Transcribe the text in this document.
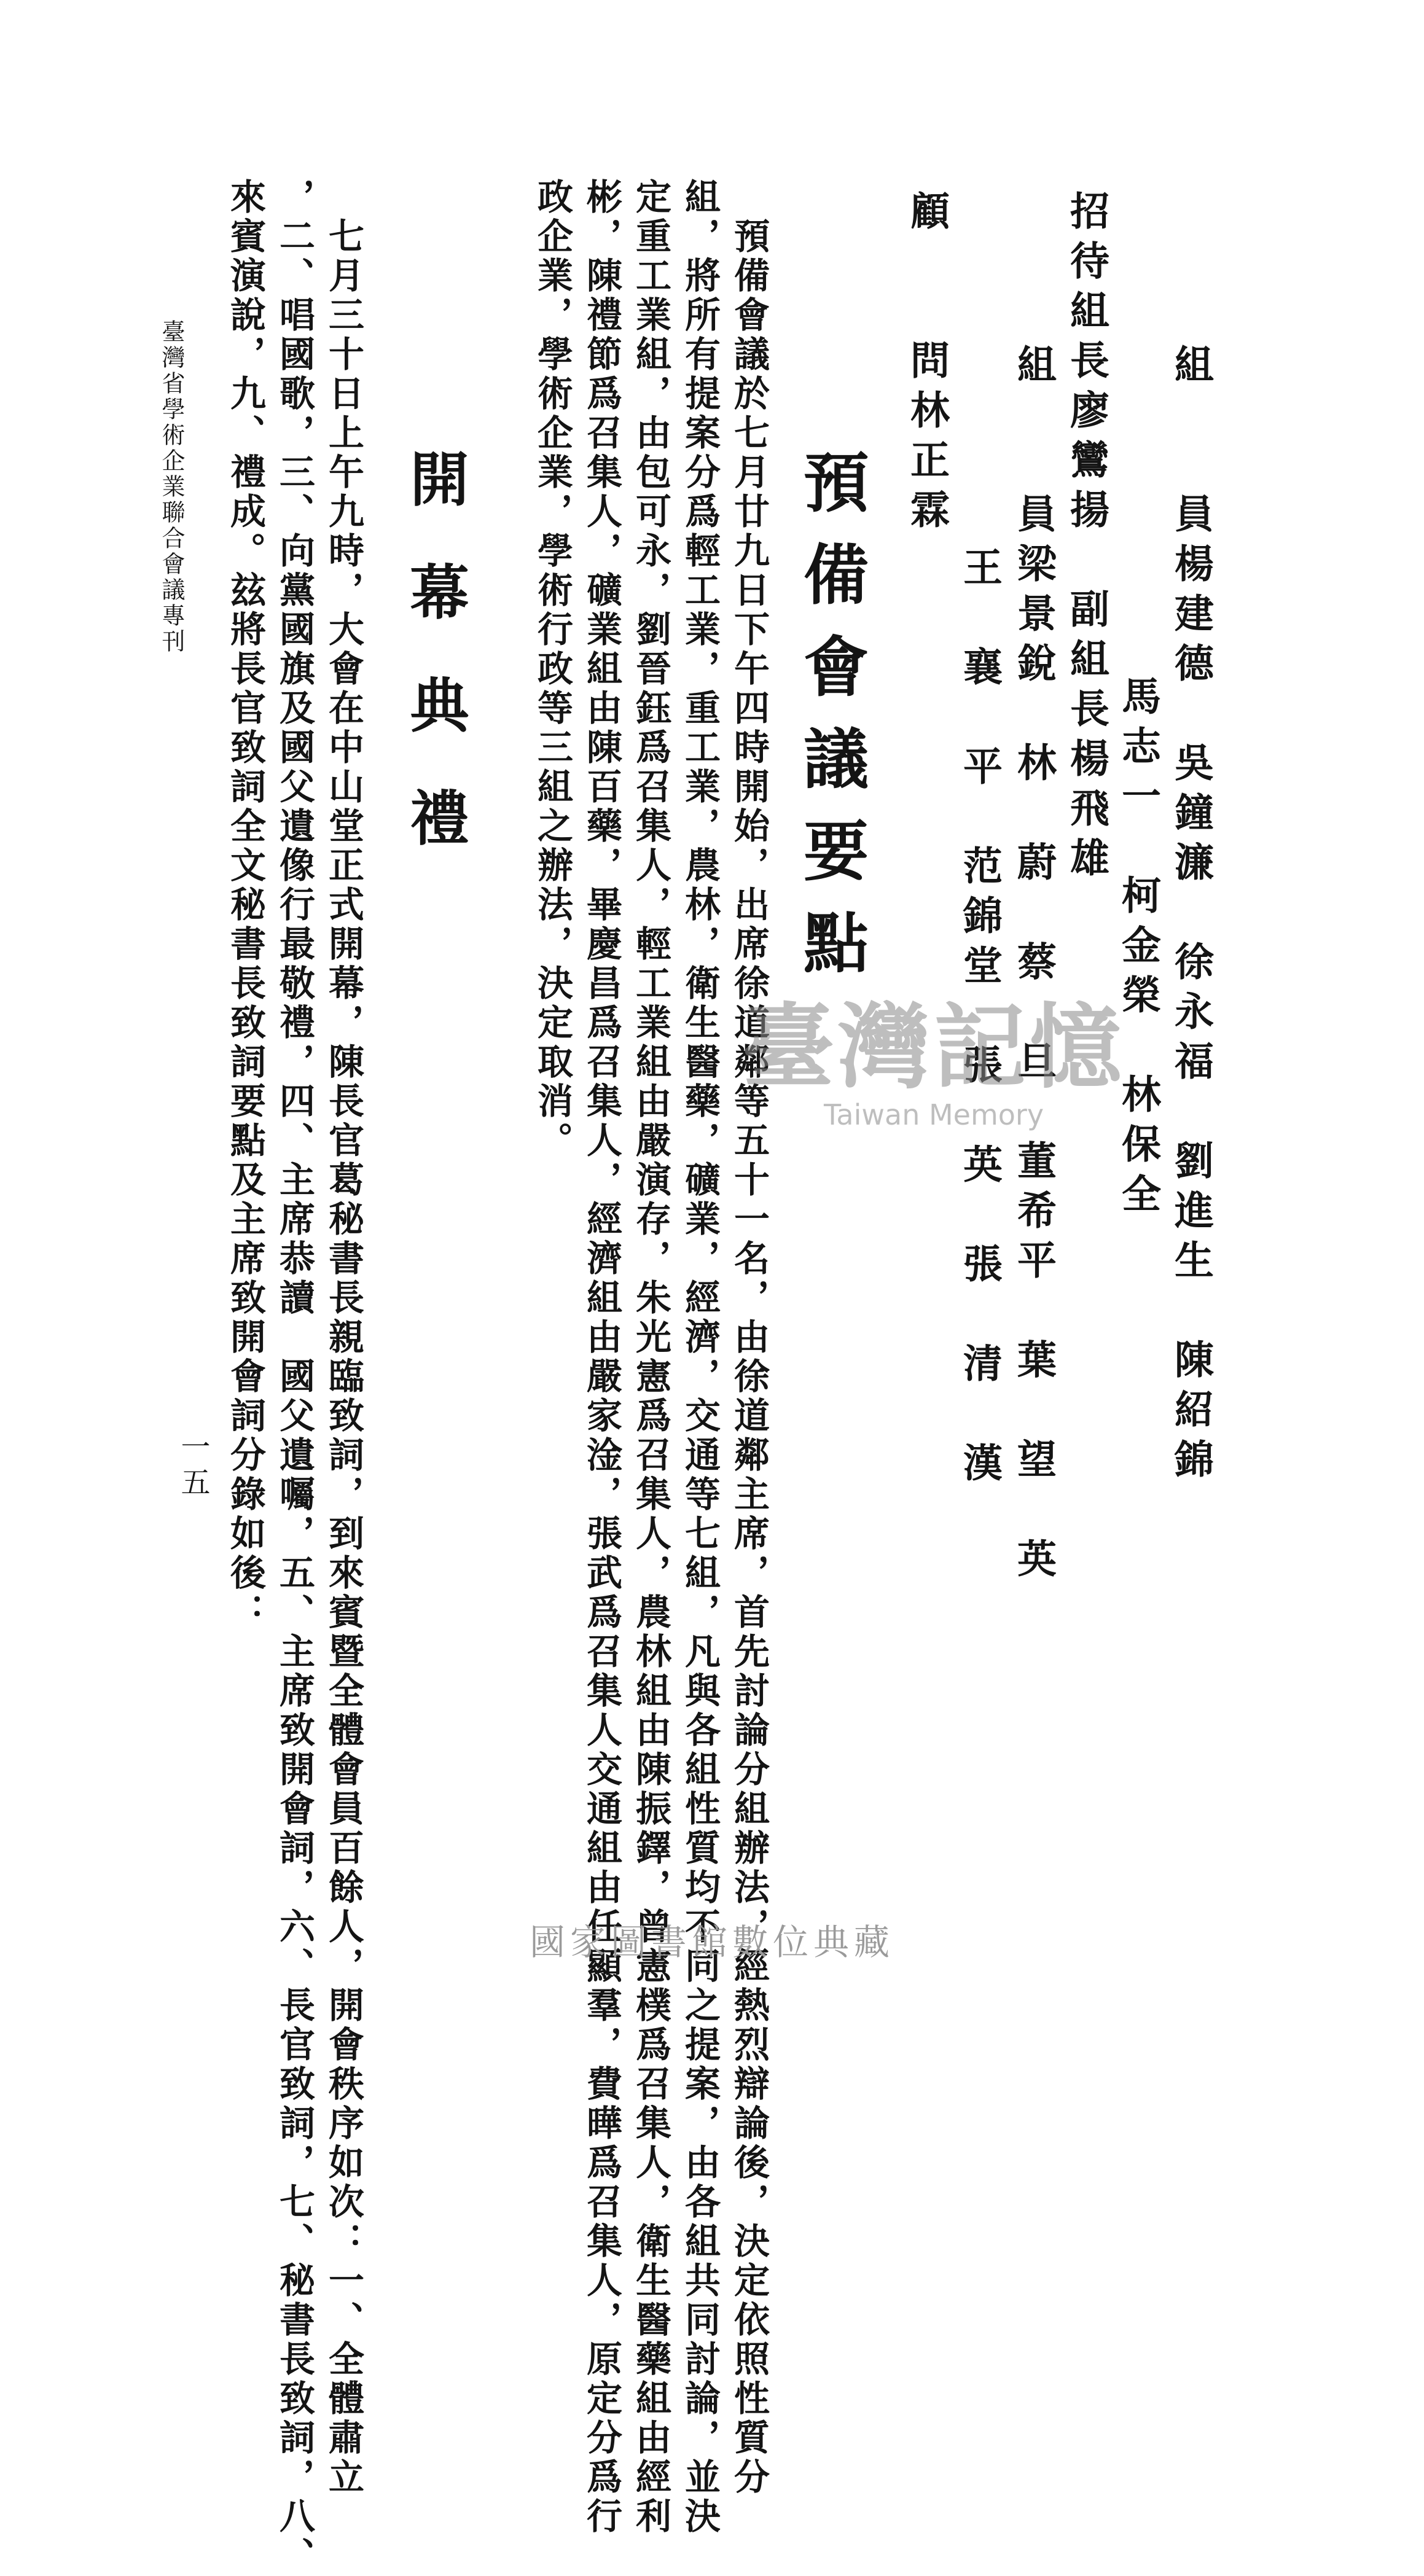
組　　員楊建德　吳鐘濂　徐永福　劉進生　陳紹錦
馬志一　柯金榮　林保全
招待組長廖鸞揚　副組長楊飛雄
組　　員梁景銳　林　蔚　蔡　旦　董希平　葉　望　英
王　襄　平　范錦堂　張　英　張　清　漢
顧　　問林正霖
預備會議要點
　預備會議於七月廿九日下午四時開始，出席徐道鄰等五十一名，由徐道鄰主席，首先討論分組辦法，經熱烈辯論後，決定依照性質分
組，將所有提案分爲輕工業，重工業，農林，衛生醫藥，礦業，經濟，交通等七組，凡與各組性質均不同之提案，由各組共同討論，並決
定重工業組，由包可永，劉晉鈺爲召集人，輕工業組由嚴演存，朱光憲爲召集人，農林組由陳振鐸，曾憲樸爲召集人，衛生醫藥組由經利
彬，陳禮節爲召集人，礦業組由陳百藥，畢慶昌爲召集人，經濟組由嚴家淦，張武爲召集人交通組由任顯羣，費曄爲召集人，原定分爲行
政企業，學術企業，學術行政等三組之辦法，決定取消。
開幕典禮
　七月三十日上午九時，大會在中山堂正式開幕，陳長官葛秘書長親臨致詞，到來賓暨全體會員百餘人，開會秩序如次：一、全體肅立
，二、唱國歌，三、向黨國旗及國父遺像行最敬禮，四、主席恭讀　國父遺囑，五、主席致開會詞，六、長官致詞，七、秘書長致詞，八、
來賓演說，九、禮成。玆將長官致詞全文秘書長致詞要點及主席致開會詞分錄如後：
臺灣省學術企業聯合會議專刊
一五
臺灣記憶
Taiwan Memory
國家圖書館數位典藏
